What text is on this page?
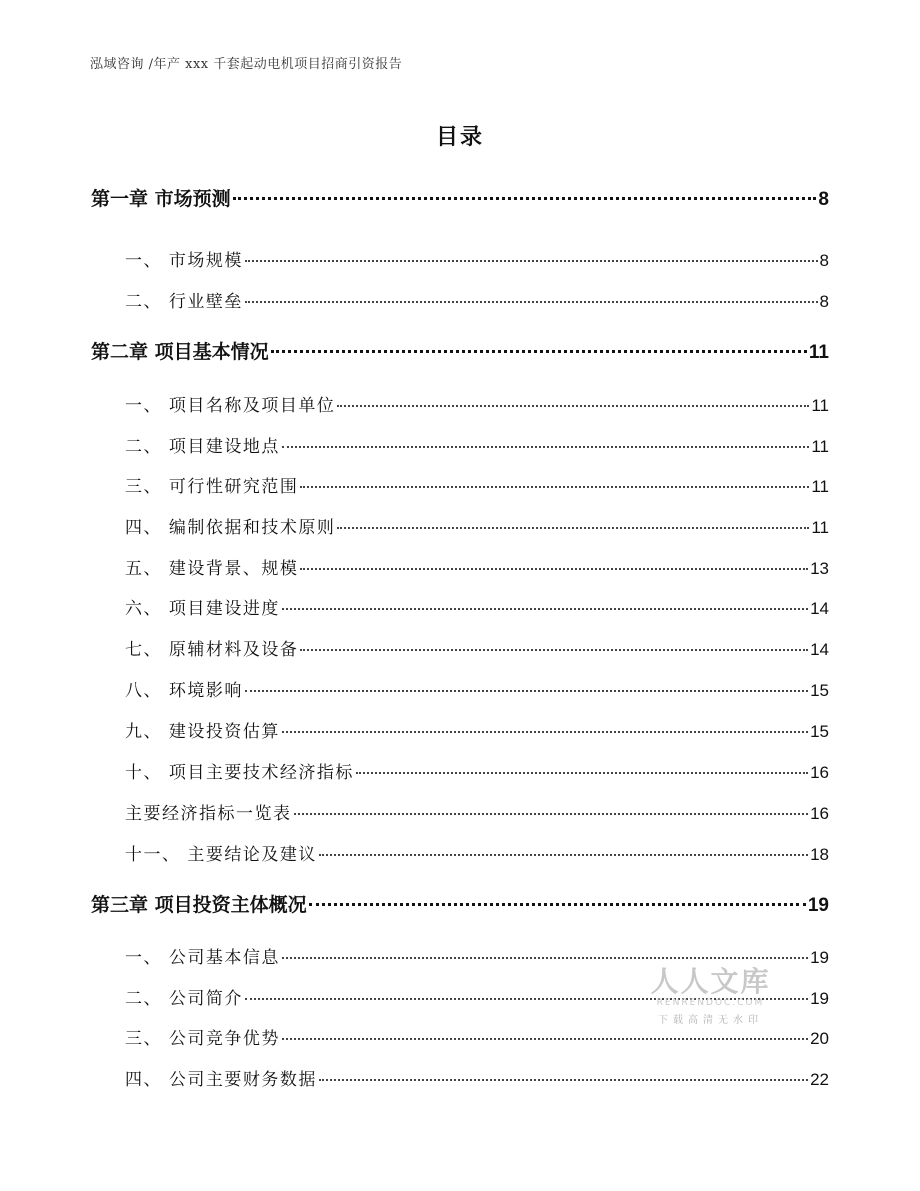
泓域咨询 /年产 xxx 千套起动电机项目招商引资报告
目录
第一章 市场预测	8
一、 市场规模	8
二、 行业壁垒	8
第二章 项目基本情况	11
一、 项目名称及项目单位	11
二、 项目建设地点	11
三、 可行性研究范围	11
四、 编制依据和技术原则	11
五、 建设背景、规模	13
六、 项目建设进度	14
七、 原辅材料及设备	14
八、 环境影响	15
九、 建设投资估算	15
十、 项目主要技术经济指标	16
主要经济指标一览表	16
十一、 主要结论及建议	18
第三章 项目投资主体概况	19
一、 公司基本信息	19
二、 公司简介	19
三、 公司竞争优势	20
四、 公司主要财务数据	22
人人文库
RENRENDOC.COM
下载高清无水印
